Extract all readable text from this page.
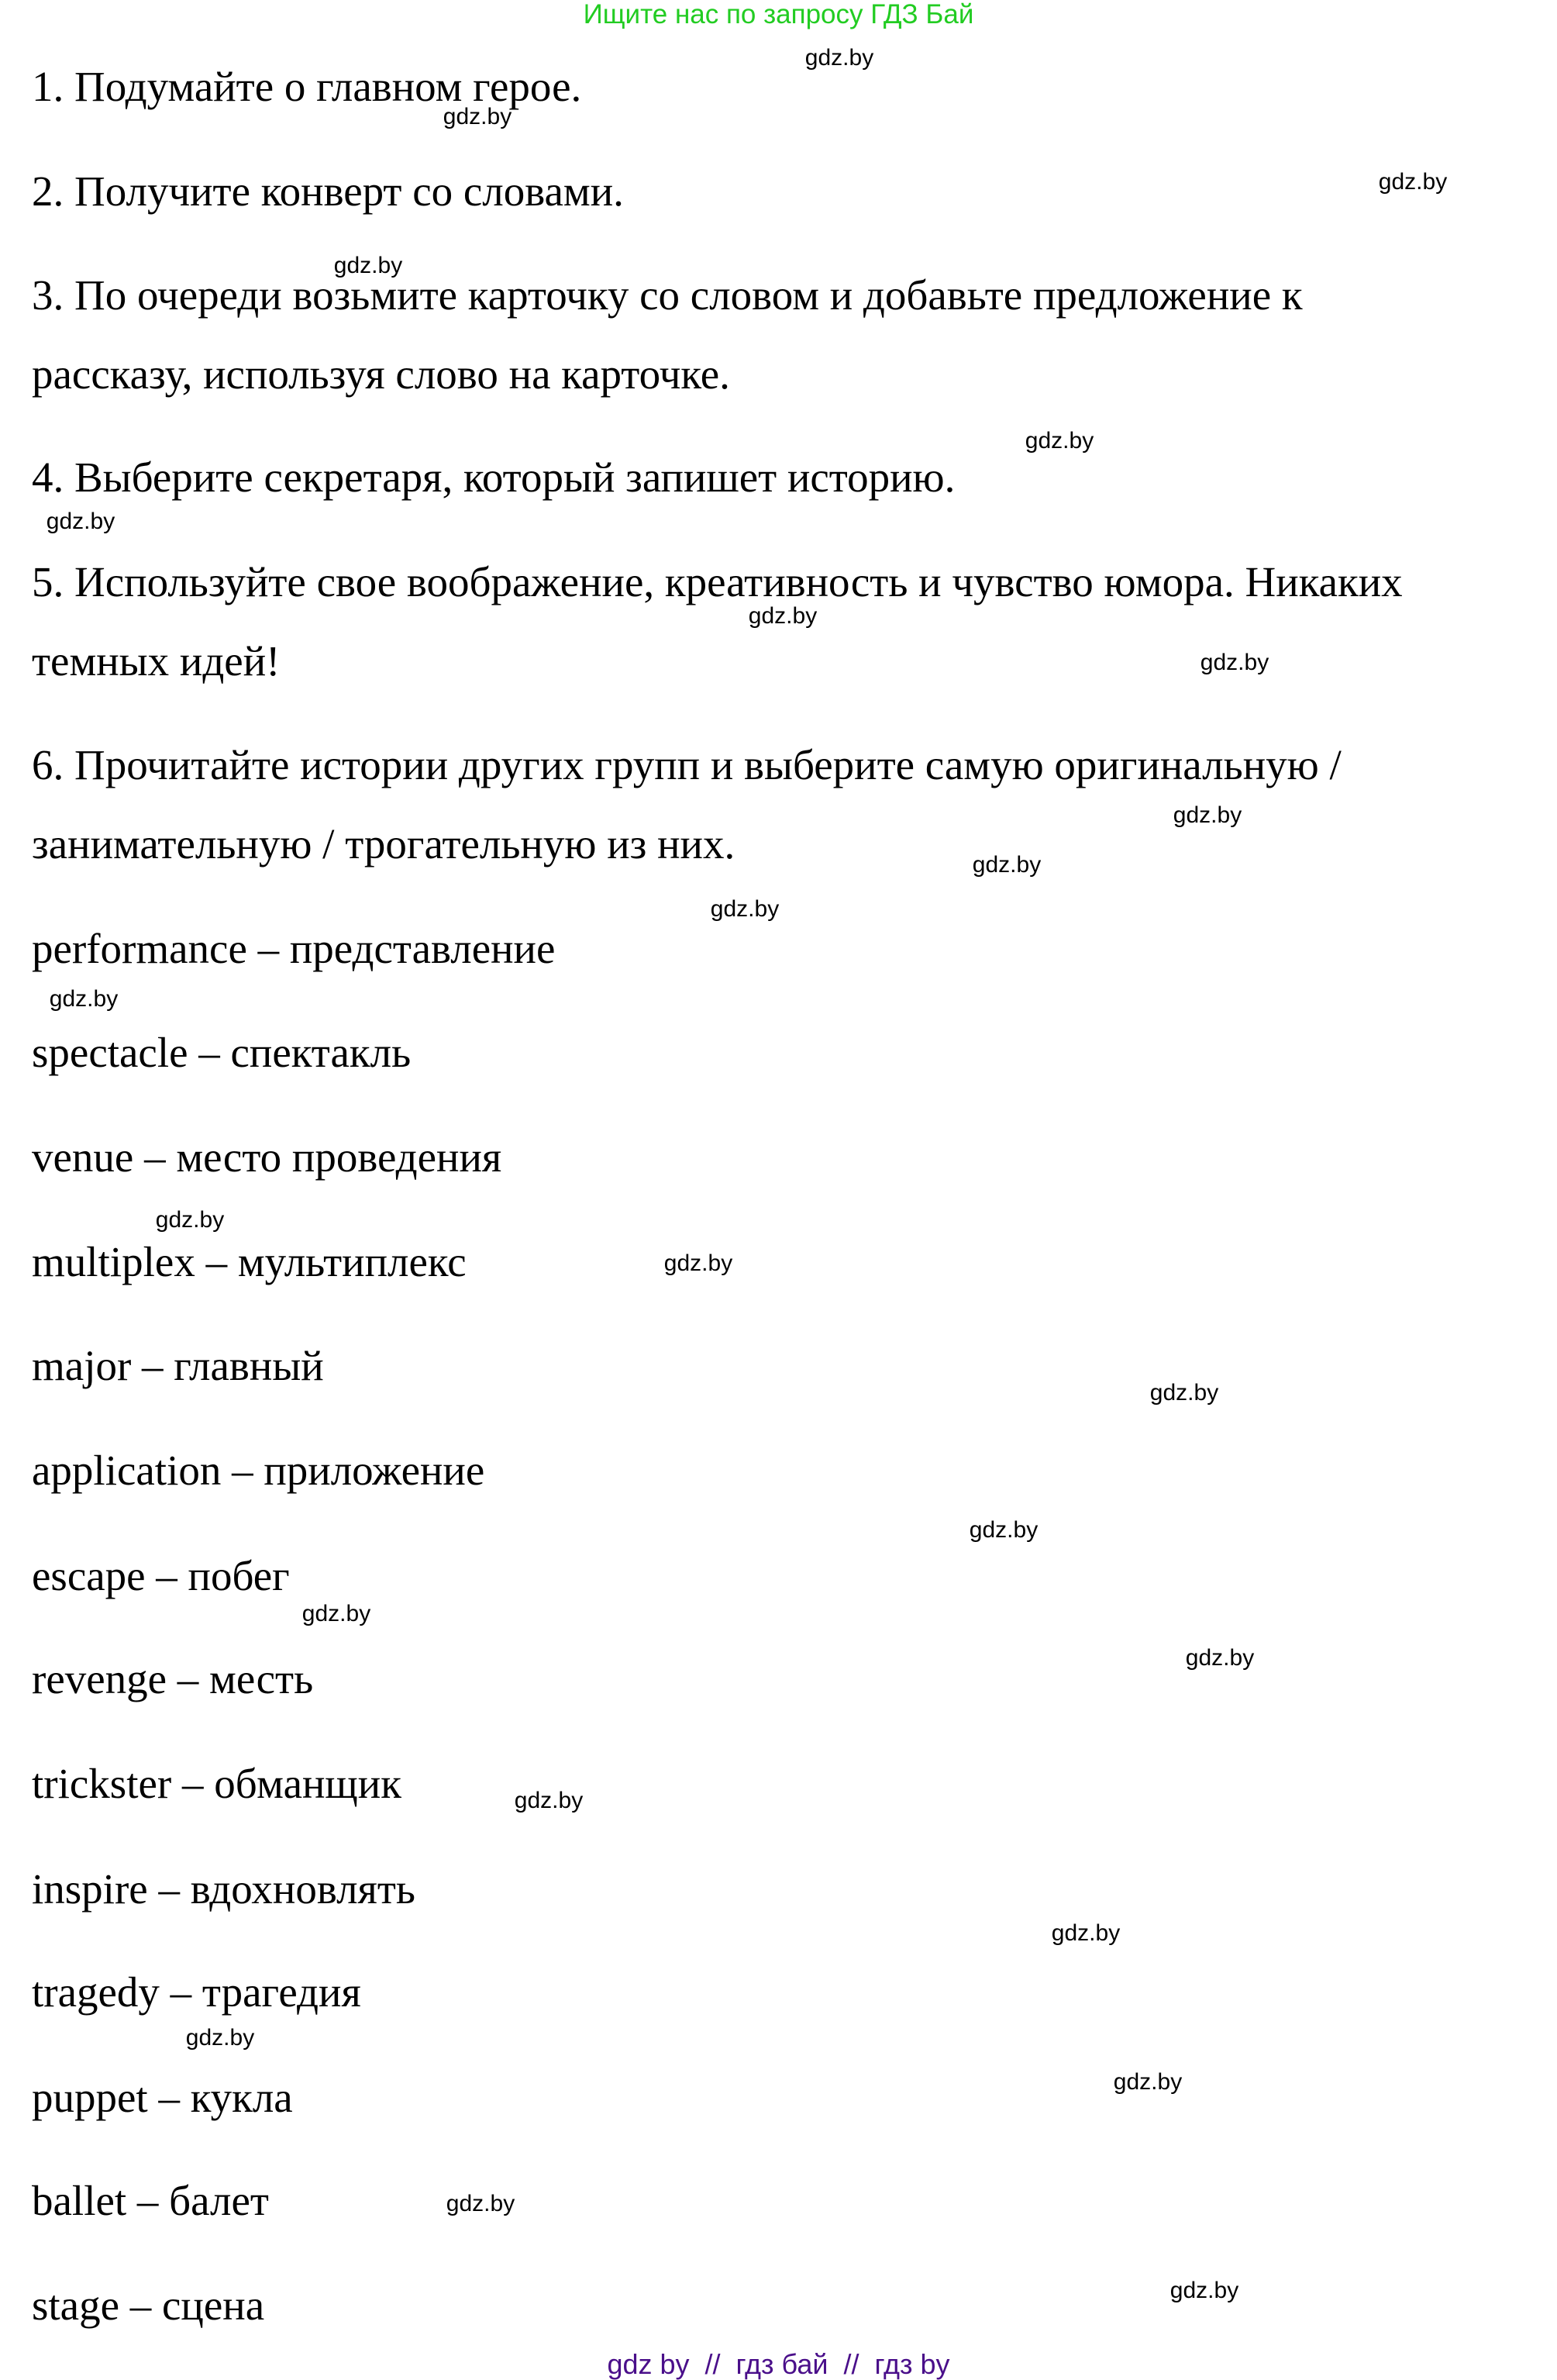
Ищите нас по запросу ГДЗ Бай
1. Подумайте о главном герое.
2. Получите конверт со словами.
3. По очереди возьмите карточку со словом и добавьте предложение к
рассказу, используя слово на карточке.
4. Выберите секретаря, который запишет историю.
5. Используйте свое воображение, креативность и чувство юмора. Никаких
темных идей!
6. Прочитайте истории других групп и выберите самую оригинальную /
занимательную / трогательную из них.
performance – представление
spectacle – спектакль
venue – место проведения
multiplex – мультиплекс
major – главный
application – приложение
escape – побег
revenge – месть
trickster – обманщик
inspire – вдохновлять
tragedy – трагедия
puppet – кукла
ballet – балет
stage – сцена
gdz.by
gdz.by
gdz.by
gdz.by
gdz.by
gdz.by
gdz.by
gdz.by
gdz.by
gdz.by
gdz.by
gdz.by
gdz.by
gdz.by
gdz.by
gdz.by
gdz.by
gdz.by
gdz.by
gdz.by
gdz.by
gdz.by
gdz.by
gdz.by
gdz by  //  гдз бай  //  гдз by
